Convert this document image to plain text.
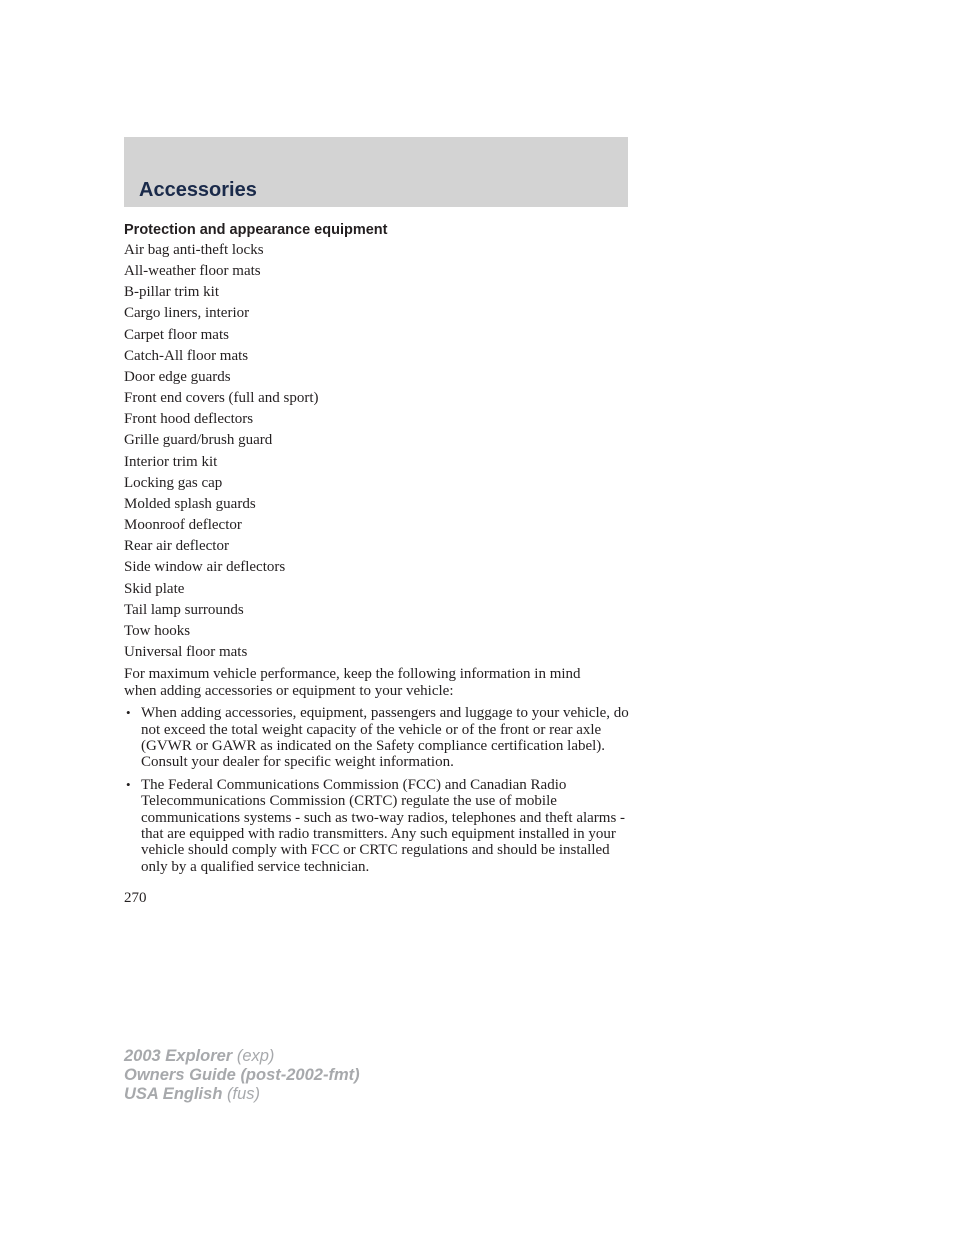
Accessories
Protection and appearance equipment
Air bag anti-theft locks
All-weather floor mats
B-pillar trim kit
Cargo liners, interior
Carpet floor mats
Catch-All floor mats
Door edge guards
Front end covers (full and sport)
Front hood deflectors
Grille guard/brush guard
Interior trim kit
Locking gas cap
Molded splash guards
Moonroof deflector
Rear air deflector
Side window air deflectors
Skid plate
Tail lamp surrounds
Tow hooks
Universal floor mats

For maximum vehicle performance, keep the following information in mind when adding accessories or equipment to your vehicle:

• When adding accessories, equipment, passengers and luggage to your vehicle, do not exceed the total weight capacity of the vehicle or of the front or rear axle (GVWR or GAWR as indicated on the Safety compliance certification label). Consult your dealer for specific weight information.
• The Federal Communications Commission (FCC) and Canadian Radio Telecommunications Commission (CRTC) regulate the use of mobile communications systems - such as two-way radios, telephones and theft alarms - that are equipped with radio transmitters. Any such equipment installed in your vehicle should comply with FCC or CRTC regulations and should be installed only by a qualified service technician.

270

2003 Explorer (exp)
Owners Guide (post-2002-fmt)
USA English (fus)
